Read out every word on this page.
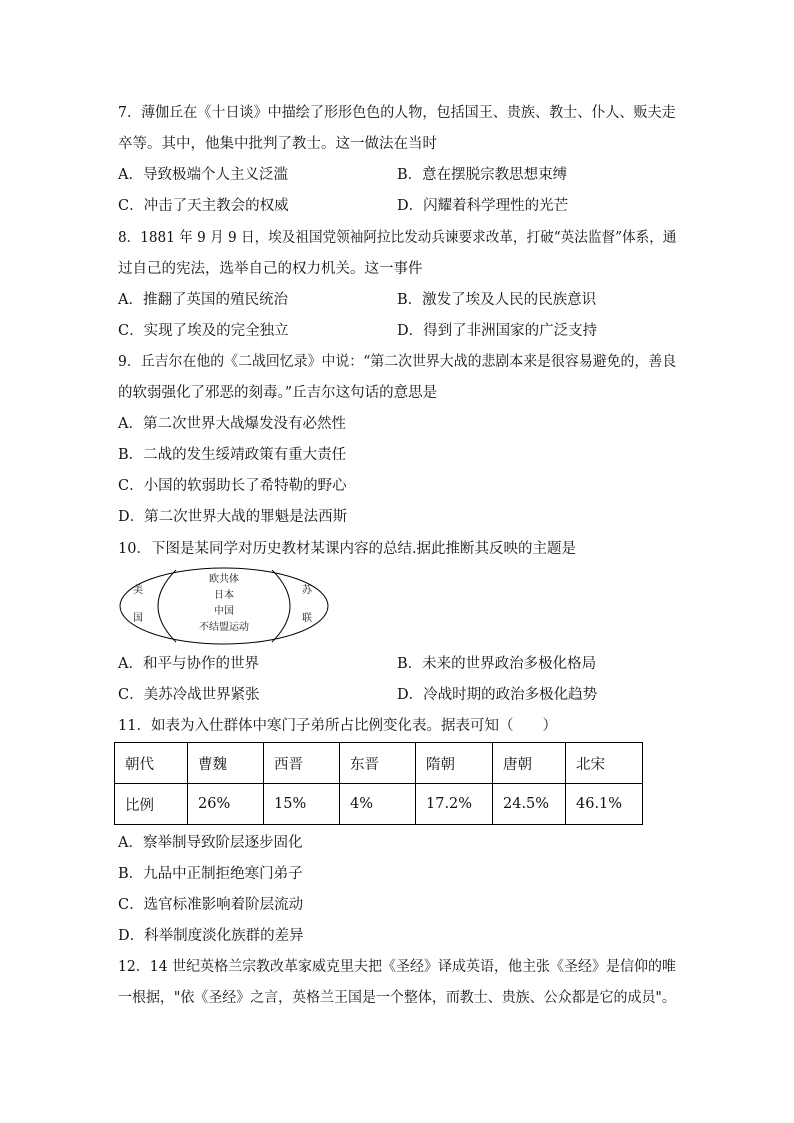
7．薄伽丘在《十日谈》中描绘了形形色色的人物，包括国王、贵族、教士、仆人、贩夫走
卒等。其中，他集中批判了教士。这一做法在当时
A．导致极端个人主义泛滥	B．意在摆脱宗教思想束缚
C．冲击了天主教会的权威	D．闪耀着科学理性的光芒
8．1881 年 9 月 9 日，埃及祖国党领袖阿拉比发动兵谏要求改革，打破“英法监督”体系，通
过自己的宪法，选举自己的权力机关。这一事件
A．推翻了英国的殖民统治	B．激发了埃及人民的民族意识
C．实现了埃及的完全独立	D．得到了非洲国家的广泛支持
9．丘吉尔在他的《二战回忆录》中说：“第二次世界大战的悲剧本来是很容易避免的，善良
的软弱强化了邪恶的刻毒。”丘吉尔这句话的意思是
A．第二次世界大战爆发没有必然性
B．二战的发生绥靖政策有重大责任
C．小国的软弱助长了希特勒的野心
D．第二次世界大战的罪魁是法西斯
10．下图是某同学对历史教材某课内容的总结.据此推断其反映的主题是
美
国
苏
联
欧共体
日本
中国
不结盟运动
A．和平与协作的世界	B．未来的世界政治多极化格局
C．美苏冷战世界紧张	D．冷战时期的政治多极化趋势
11．如表为入仕群体中寒门子弟所占比例变化表。据表可知（　　）
朝代	曹魏	西晋	东晋	隋朝	唐朝	北宋
比例	26%	15%	4%	17.2%	24.5%	46.1%
A．察举制导致阶层逐步固化
B．九品中正制拒绝寒门弟子
C．选官标准影响着阶层流动
D．科举制度淡化族群的差异
12．14 世纪英格兰宗教改革家威克里夫把《圣经》译成英语，他主张《圣经》是信仰的唯
一根据，"依《圣经》之言，英格兰王国是一个整体，而教士、贵族、公众都是它的成员"。
